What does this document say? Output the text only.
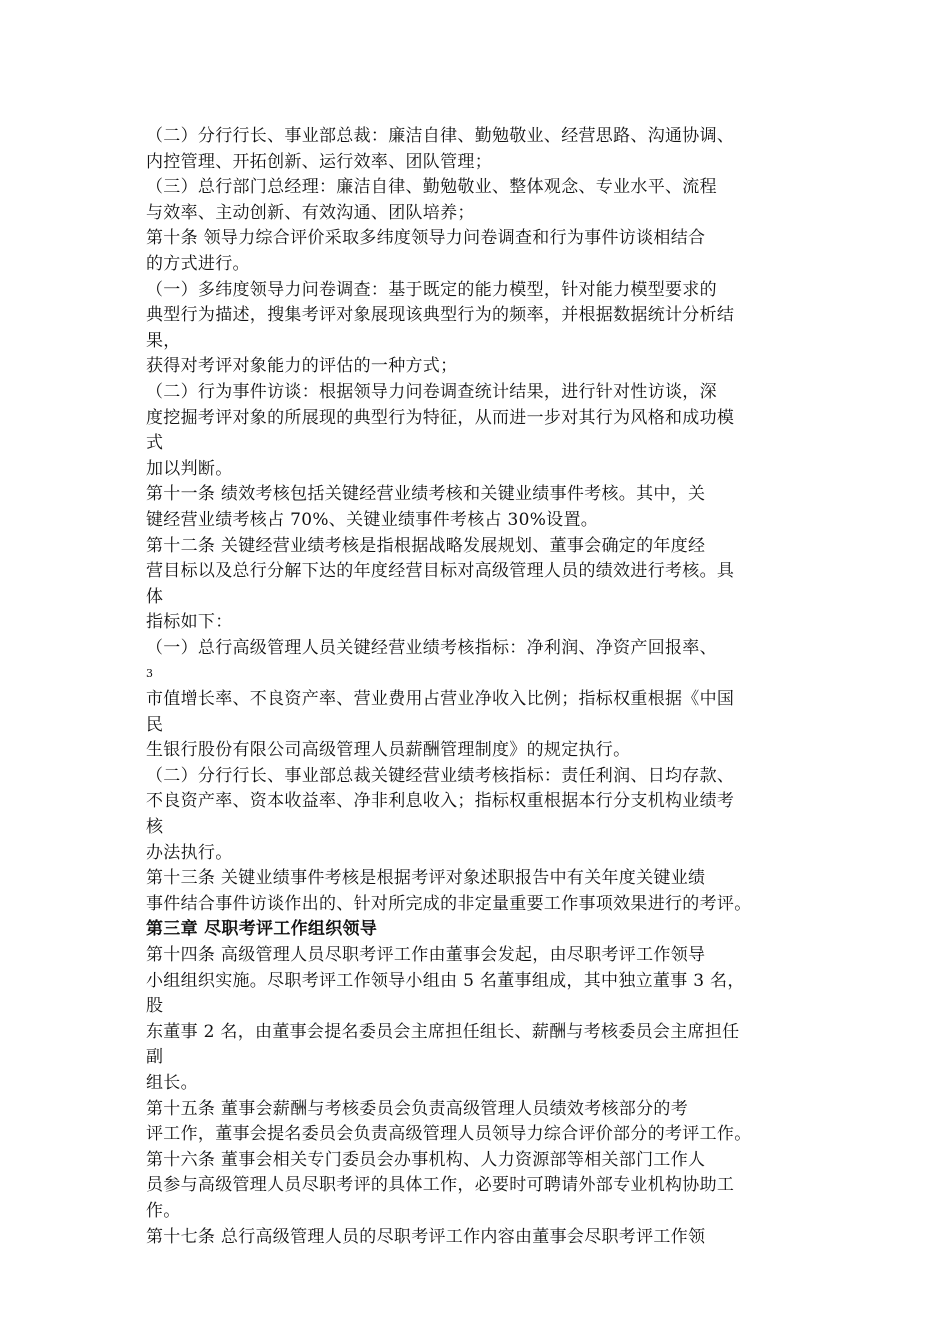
（二）分行行长、事业部总裁：廉洁自律、勤勉敬业、经营思路、沟通协调、
内控管理、开拓创新、运行效率、团队管理；
（三）总行部门总经理：廉洁自律、勤勉敬业、整体观念、专业水平、流程
与效率、主动创新、有效沟通、团队培养；
第十条 领导力综合评价采取多纬度领导力问卷调查和行为事件访谈相结合
的方式进行。
（一）多纬度领导力问卷调查：基于既定的能力模型，针对能力模型要求的
典型行为描述，搜集考评对象展现该典型行为的频率，并根据数据统计分析结
果，
获得对考评对象能力的评估的一种方式；
（二）行为事件访谈：根据领导力问卷调查统计结果，进行针对性访谈，深
度挖掘考评对象的所展现的典型行为特征，从而进一步对其行为风格和成功模
式
加以判断。
第十一条 绩效考核包括关键经营业绩考核和关键业绩事件考核。其中，关
键经营业绩考核占 70%、关键业绩事件考核占 30%设置。
第十二条 关键经营业绩考核是指根据战略发展规划、董事会确定的年度经
营目标以及总行分解下达的年度经营目标对高级管理人员的绩效进行考核。具
体
指标如下：
（一）总行高级管理人员关键经营业绩考核指标：净利润、净资产回报率、
3
市值增长率、不良资产率、营业费用占营业净收入比例；指标权重根据《中国
民
生银行股份有限公司高级管理人员薪酬管理制度》的规定执行。
（二）分行行长、事业部总裁关键经营业绩考核指标：责任利润、日均存款、
不良资产率、资本收益率、净非利息收入；指标权重根据本行分支机构业绩考
核
办法执行。
第十三条 关键业绩事件考核是根据考评对象述职报告中有关年度关键业绩
事件结合事件访谈作出的、针对所完成的非定量重要工作事项效果进行的考评。
第三章 尽职考评工作组织领导
第十四条 高级管理人员尽职考评工作由董事会发起，由尽职考评工作领导
小组组织实施。尽职考评工作领导小组由 5 名董事组成，其中独立董事 3 名，
股
东董事 2 名，由董事会提名委员会主席担任组长、薪酬与考核委员会主席担任
副
组长。
第十五条 董事会薪酬与考核委员会负责高级管理人员绩效考核部分的考
评工作，董事会提名委员会负责高级管理人员领导力综合评价部分的考评工作。
第十六条 董事会相关专门委员会办事机构、人力资源部等相关部门工作人
员参与高级管理人员尽职考评的具体工作，必要时可聘请外部专业机构协助工
作。
第十七条 总行高级管理人员的尽职考评工作内容由董事会尽职考评工作领
